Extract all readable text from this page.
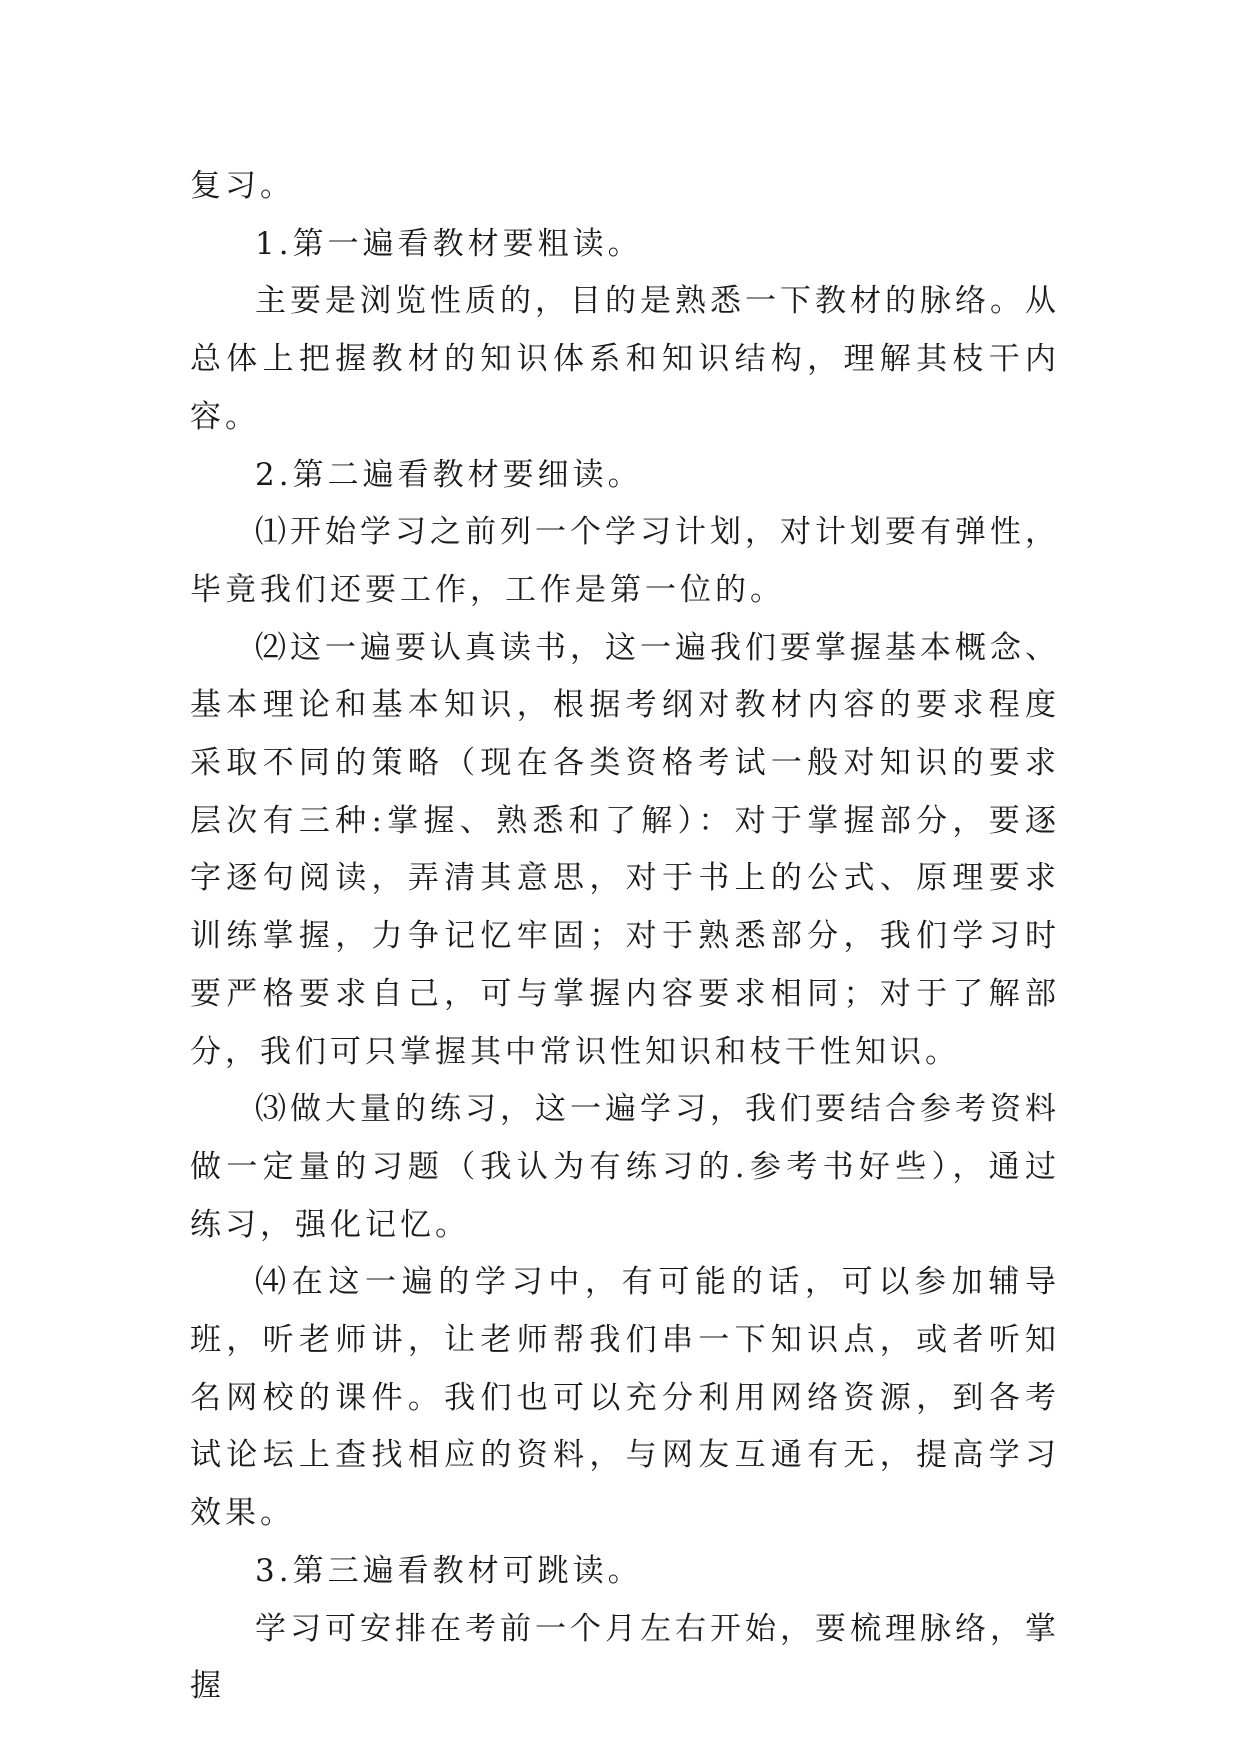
复习。

1.第一遍看教材要粗读。

主要是浏览性质的，目的是熟悉一下教材的脉络。从总体上把握教材的知识体系和知识结构，理解其枝干内容。

2.第二遍看教材要细读。

⑴开始学习之前列一个学习计划，对计划要有弹性，毕竟我们还要工作，工作是第一位的。

⑵这一遍要认真读书，这一遍我们要掌握基本概念、基本理论和基本知识，根据考纲对教材内容的要求程度采取不同的策略（现在各类资格考试一般对知识的要求层次有三种:掌握、熟悉和了解）：对于掌握部分，要逐字逐句阅读，弄清其意思，对于书上的公式、原理要求训练掌握，力争记忆牢固；对于熟悉部分，我们学习时要严格要求自己，可与掌握内容要求相同；对于了解部分，我们可只掌握其中常识性知识和枝干性知识。

⑶做大量的练习，这一遍学习，我们要结合参考资料做一定量的习题（我认为有练习的.参考书好些），通过练习，强化记忆。

⑷在这一遍的学习中，有可能的话，可以参加辅导班，听老师讲，让老师帮我们串一下知识点，或者听知名网校的课件。我们也可以充分利用网络资源，到各考试论坛上查找相应的资料，与网友互通有无，提高学习效果。

3.第三遍看教材可跳读。

学习可安排在考前一个月左右开始，要梳理脉络，掌握
